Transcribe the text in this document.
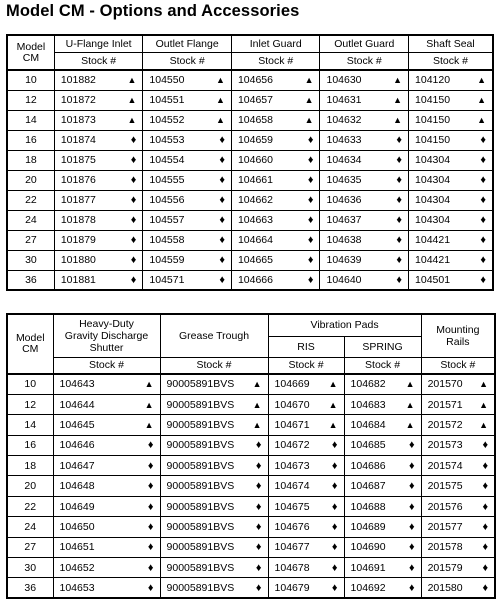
Model CM - Options and Accessories
Model
CM	U-Flange Inlet		Outlet Flange		Inlet Guard		Outlet Guard		Shaft Seal	
	Stock #		Stock #		Stock #		Stock #		Stock #	
10	101882	▲	104550	▲	104656	▲	104630	▲	104120	▲
12	101872	▲	104551	▲	104657	▲	104631	▲	104150	▲
14	101873	▲	104552	▲	104658	▲	104632	▲	104150	▲
16	101874	♦	104553	♦	104659	♦	104633	♦	104150	♦
18	101875	♦	104554	♦	104660	♦	104634	♦	104304	♦
20	101876	♦	104555	♦	104661	♦	104635	♦	104304	♦
22	101877	♦	104556	♦	104662	♦	104636	♦	104304	♦
24	101878	♦	104557	♦	104663	♦	104637	♦	104304	♦
27	101879	♦	104558	♦	104664	♦	104638	♦	104421	♦
30	101880	♦	104559	♦	104665	♦	104639	♦	104421	♦
36	101881	♦	104571	♦	104666	♦	104640	♦	104501	♦
Model
CM	Heavy-Duty
Gravity Discharge
Shutter		Grease Trough		Vibration Pads				Mounting
Rails	
					RIS		SPRING			
	Stock #		Stock #		Stock #		Stock #		Stock #	
10	104643	▲	90005891BVS	▲	104669	▲	104682	▲	201570	▲
12	104644	▲	90005891BVS	▲	104670	▲	104683	▲	201571	▲
14	104645	▲	90005891BVS	▲	104671	▲	104684	▲	201572	▲
16	104646	♦	90005891BVS	♦	104672	♦	104685	♦	201573	♦
18	104647	♦	90005891BVS	♦	104673	♦	104686	♦	201574	♦
20	104648	♦	90005891BVS	♦	104674	♦	104687	♦	201575	♦
22	104649	♦	90005891BVS	♦	104675	♦	104688	♦	201576	♦
24	104650	♦	90005891BVS	♦	104676	♦	104689	♦	201577	♦
27	104651	♦	90005891BVS	♦	104677	♦	104690	♦	201578	♦
30	104652	♦	90005891BVS	♦	104678	♦	104691	♦	201579	♦
36	104653	♦	90005891BVS	♦	104679	♦	104692	♦	201580	♦
